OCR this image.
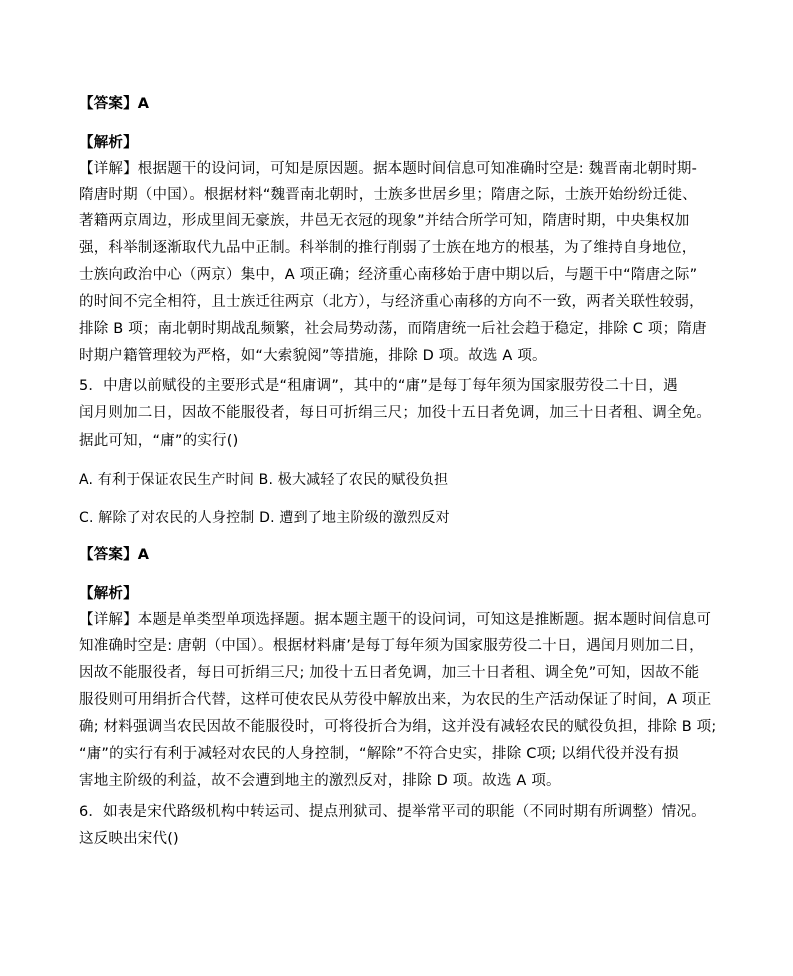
【答案】A
【解析】
【详解】根据题干的设问词，可知是原因题。据本题时间信息可知准确时空是: 魏晋南北朝时期-
隋唐时期（中国）。根据材料“魏晋南北朝时，士族多世居乡里；隋唐之际，士族开始纷纷迁徙、
著籍两京周边，形成里闾无豪族，井邑无衣冠的现象”并结合所学可知，隋唐时期，中央集权加
强，科举制逐渐取代九品中正制。科举制的推行削弱了士族在地方的根基，为了维持自身地位，
士族向政治中心（两京）集中，A 项正确；经济重心南移始于唐中期以后，与题干中“隋唐之际”
的时间不完全相符，且士族迁往两京（北方），与经济重心南移的方向不一致，两者关联性较弱，
排除 B 项；南北朝时期战乱频繁，社会局势动荡，而隋唐统一后社会趋于稳定，排除 C 项；隋唐
时期户籍管理较为严格，如“大索貌阅”等措施，排除 D 项。故选 A 项。
5．中唐以前赋役的主要形式是“租庸调”，其中的“庸”是每丁每年须为国家服劳役二十日，遇
闰月则加二日，因故不能服役者，每日可折绢三尺；加役十五日者免调，加三十日者租、调全免。
据此可知，“庸”的实行()
A. 有利于保证农民生产时间 B. 极大减轻了农民的赋役负担
C. 解除了对农民的人身控制 D. 遭到了地主阶级的激烈反对
【答案】A
【解析】
【详解】本题是单类型单项选择题。据本题主题干的设问词，可知这是推断题。据本题时间信息可
知准确时空是: 唐朝（中国）。根据材料庸’是每丁每年须为国家服劳役二十日，遇闰月则加二日，
因故不能服役者，每日可折绢三尺; 加役十五日者免调，加三十日者租、调全免”可知，因故不能
服役则可用绢折合代替，这样可使农民从劳役中解放出来，为农民的生产活动保证了时间，A 项正
确; 材料强调当农民因故不能服役时，可将役折合为绢，这并没有减轻农民的赋役负担，排除 B 项;
“庸”的实行有利于减轻对农民的人身控制，“解除”不符合史实，排除 C项; 以绢代役并没有损
害地主阶级的利益，故不会遭到地主的激烈反对，排除 D 项。故选 A 项。
6．如表是宋代路级机构中转运司、提点刑狱司、提举常平司的职能（不同时期有所调整）情况。
这反映出宋代()
